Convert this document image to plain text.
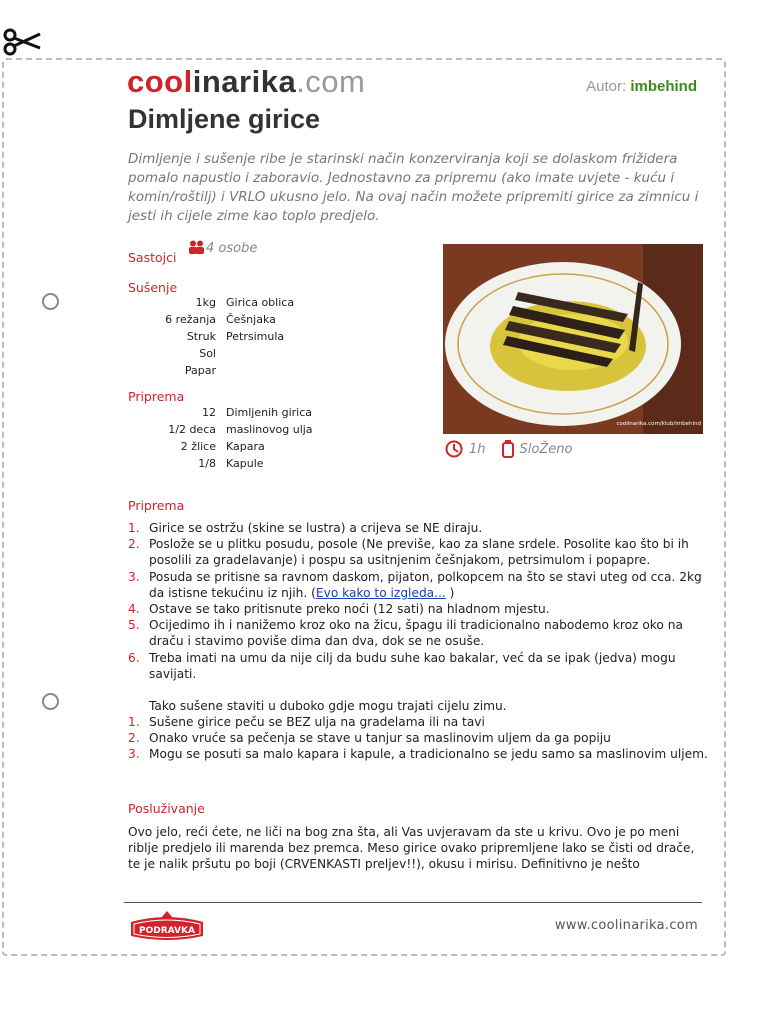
coolinarika.com	Autor: imbehind
Dimljene girice
Dimljenje i sušenje ribe je starinski način konzerviranja koji se dolaskom frižidera pomalo napustio i zaboravio. Jednostavno za pripremu (ako imate uvjete - kuću i komin/roštilj) i VRLO ukusno jelo. Na ovaj način možete pripremiti girice za zimnicu i jesti ih cijele zime kao toplo predjelo.
Sastojci
4 osobe
Sušenje
1kg Girica oblica
6 režanja Češnjaka
Struk Petrsimula
Sol
Papar
Priprema
12 Dimljenih girica
1/2 deca maslinovog ulja
2 žlice Kapara
1/8 Kapule
coolinarika.com/klub/imbehind
1h	SloŽeno
Priprema
1. Girice se ostržu (skine se lustra) a crijeva se NE diraju.
2. Posložе se u plitku posudu, posole (Ne previše, kao za slane srdele. Posolite kao što bi ih posolili za gradelavanje) i pospu sa usitnjenim češnjakom, petrsimulom i popapre.
3. Posuda se pritisne sa ravnom daskom, pijaton, polkopcem na što se stavi uteg od cca. 2kg da istisne tekućinu iz njih. (Evo kako to izgleda... )
4. Ostave se tako pritisnute preko noći (12 sati) na hladnom mjestu.
5. Ocijedimo ih i nanižemo kroz oko na žicu, špagu ili tradicionalno nabodemo kroz oko na draču i stavimo poviše dima dan dva, dok se ne osuše.
6. Treba imati na umu da nije cilj da budu suhe kao bakalar, već da se ipak (jedva) mogu savijati.
Tako sušene staviti u duboko gdje mogu trajati cijelu zimu.
1. Sušene girice peču se BEZ ulja na gradelama ili na tavi
2. Onako vruće sa pečenja se stave u tanjur sa maslinovim uljem da ga popiju
3. Mogu se posuti sa malo kapara i kapule, a tradicionalno se jedu samo sa maslinovim uljem.
Posluživanje
Ovo jelo, reći ćete, ne liči na bog zna šta, ali Vas uvjeravam da ste u krivu. Ovo je po meni riblje predjelo ili marenda bez premca. Meso girice ovako pripremljene lako se čisti od drače, te je nalik pršutu po boji (CRVENKASTI preljev!!), okusu i mirisu. Definitivno je nešto
PODRAVKA	www.coolinarika.com
